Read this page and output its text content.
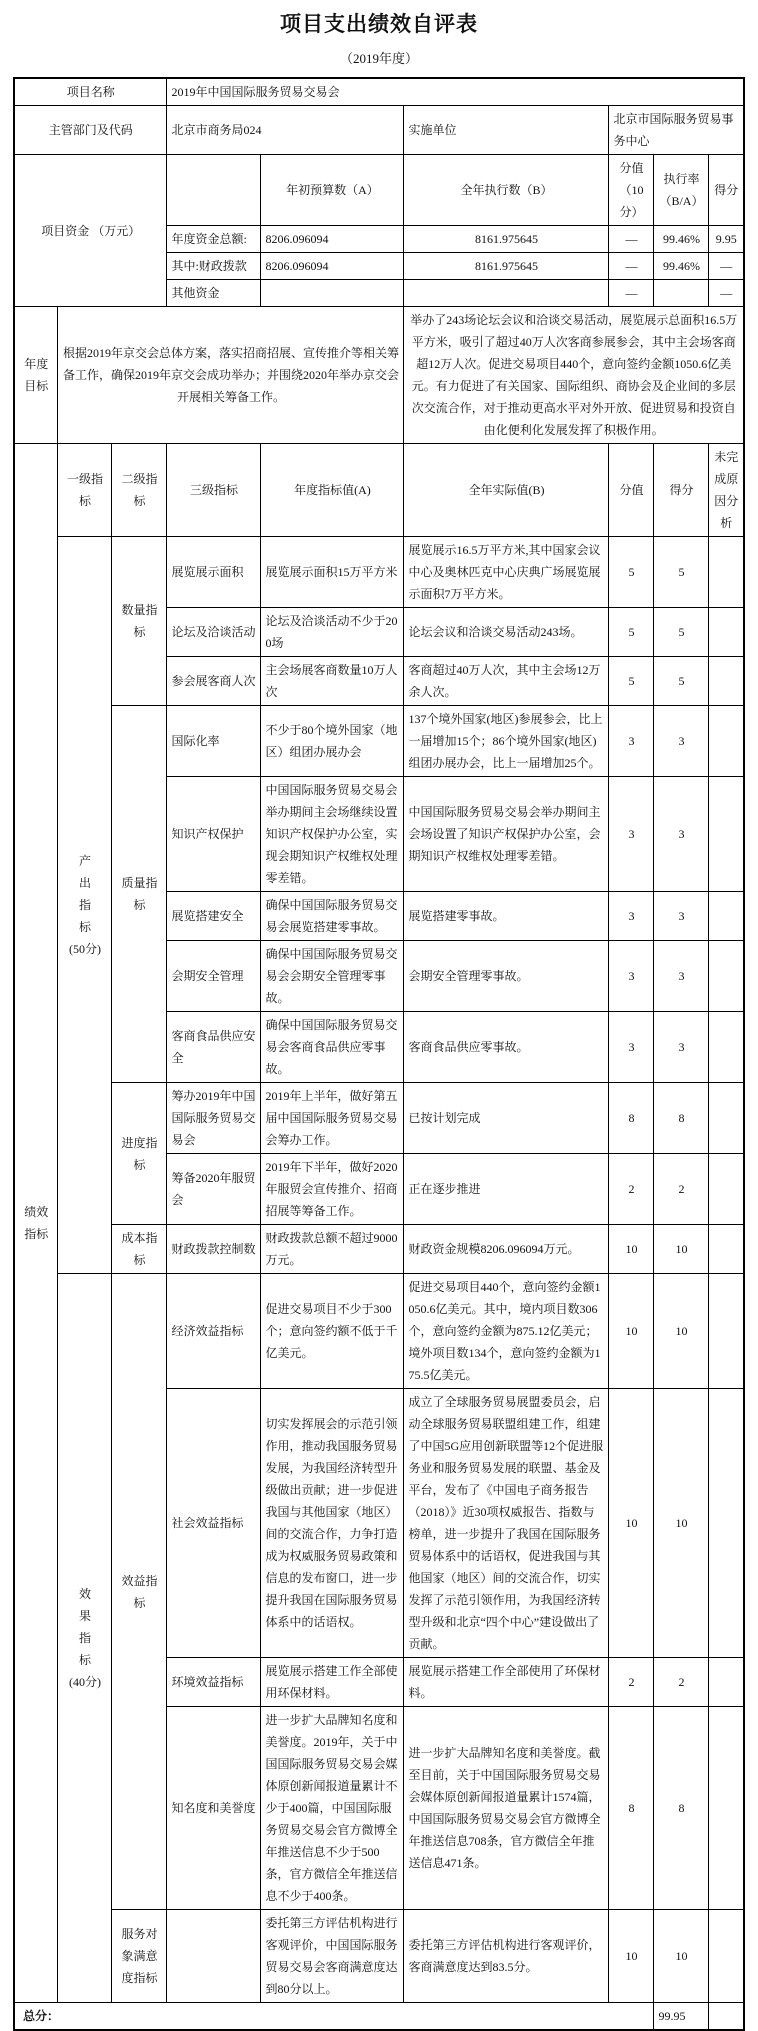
项目支出绩效自评表
（2019年度）
项目名称			2019年中国国际服务贸易交易会					
主管部门及代码			北京市商务局024		实施单位	北京市国际服务贸易事务中心		
项目资金 （万元）				年初预算数（A）	全年执行数（B）	分值（10分）	执行率（B/A）	得分
			年度资金总额:	8206.096094	8161.975645	—	99.46%	9.95
			其中:财政拨款	8206.096094	8161.975645	—	99.46%	—
			其他资金			—		—
年度目标	根据2019年京交会总体方案，落实招商招展、宣传推介等相关筹备工作，确保2019年京交会成功举办；并围绕2020年举办京交会开展相关筹备工作。				举办了243场论坛会议和洽谈交易活动，展览展示总面积16.5万平方米，吸引了超过40万人次客商参展参会，其中主会场客商超12万人次。促进交易项目440个，意向签约金额1050.6亿美元。有力促进了有关国家、国际组织、商协会及企业间的多层次交流合作，对于推动更高水平对外开放、促进贸易和投资自由化便利化发展发挥了积极作用。			
绩效指标	一级指标	二级指标	三级指标	年度指标值(A)	全年实际值(B)	分值	得分	未完成原因分析
	产出指标
(50分)	数量指标	展览展示面积	展览展示面积15万平方米	展览展示16.5万平方米,其中国家会议中心及奥林匹克中心庆典广场展览展示面积7万平方米。	5	5	
			论坛及洽谈活动	论坛及洽谈活动不少于200场	论坛会议和洽谈交易活动243场。	5	5	
			参会展客商人次	主会场展客商数量10万人次	客商超过40万人次，其中主会场12万余人次。	5	5	
		质量指标	国际化率	不少于80个境外国家（地区）组团办展办会	137个境外国家(地区)参展参会，比上一届增加15个；86个境外国家(地区)组团办展办会，比上一届增加25个。	3	3	
			知识产权保护	中国国际服务贸易交易会举办期间主会场继续设置知识产权保护办公室，实现会期知识产权维权处理零差错。	中国国际服务贸易交易会举办期间主会场设置了知识产权保护办公室，会期知识产权维权处理零差错。	3	3	
			展览搭建安全	确保中国国际服务贸易交易会展览搭建零事故。	展览搭建零事故。	3	3	
			会期安全管理	确保中国国际服务贸易交易会会期安全管理零事故。	会期安全管理零事故。	3	3	
			客商食品供应安全	确保中国国际服务贸易交易会客商食品供应零事故。	客商食品供应零事故。	3	3	
		进度指标	筹办2019年中国国际服务贸易交易会	2019年上半年，做好第五届中国国际服务贸易交易会筹办工作。	已按计划完成	8	8	
			筹备2020年服贸会	2019年下半年，做好2020年服贸会宣传推介、招商招展等筹备工作。	正在逐步推进	2	2	
		成本指标	财政拨款控制数	财政拨款总额不超过9000万元。	财政资金规模8206.096094万元。	10	10	
	效果指标
(40分)	效益指标	经济效益指标	促进交易项目不少于300个；意向签约额不低于千亿美元。	促进交易项目440个，意向签约金额1050.6亿美元。其中，境内项目数306个，意向签约金额为875.12亿美元；境外项目数134个，意向签约金额为175.5亿美元。	10	10	
			社会效益指标	切实发挥展会的示范引领作用，推动我国服务贸易发展，为我国经济转型升级做出贡献；进一步促进我国与其他国家（地区）间的交流合作，力争打造成为权威服务贸易政策和信息的发布窗口，进一步提升我国在国际服务贸易体系中的话语权。	成立了全球服务贸易展盟委员会，启动全球服务贸易联盟组建工作，组建了中国5G应用创新联盟等12个促进服务业和服务贸易发展的联盟、基金及平台，发布了《中国电子商务报告（2018）》近30项权威报告、指数与榜单，进一步提升了我国在国际服务贸易体系中的话语权，促进我国与其他国家（地区）间的交流合作，切实发挥了示范引领作用，为我国经济转型升级和北京“四个中心”建设做出了贡献。	10	10	
			环境效益指标	展览展示搭建工作全部使用环保材料。	展览展示搭建工作全部使用了环保材料。	2	2	
			知名度和美誉度	进一步扩大品牌知名度和美誉度。2019年，关于中国国际服务贸易交易会媒体原创新闻报道量累计不少于400篇，中国国际服务贸易交易会官方微博全年推送信息不少于500条，官方微信全年推送信息不少于400条。	进一步扩大品牌知名度和美誉度。截至目前，关于中国国际服务贸易交易会媒体原创新闻报道量累计1574篇，中国国际服务贸易交易会官方微博全年推送信息708条，官方微信全年推送信息471条。	8	8	
		服务对象满意度指标		委托第三方评估机构进行客观评价，中国国际服务贸易交易会客商满意度达到80分以上。	委托第三方评估机构进行客观评价，客商满意度达到83.5分。	10	10	
总分：							99.95	
